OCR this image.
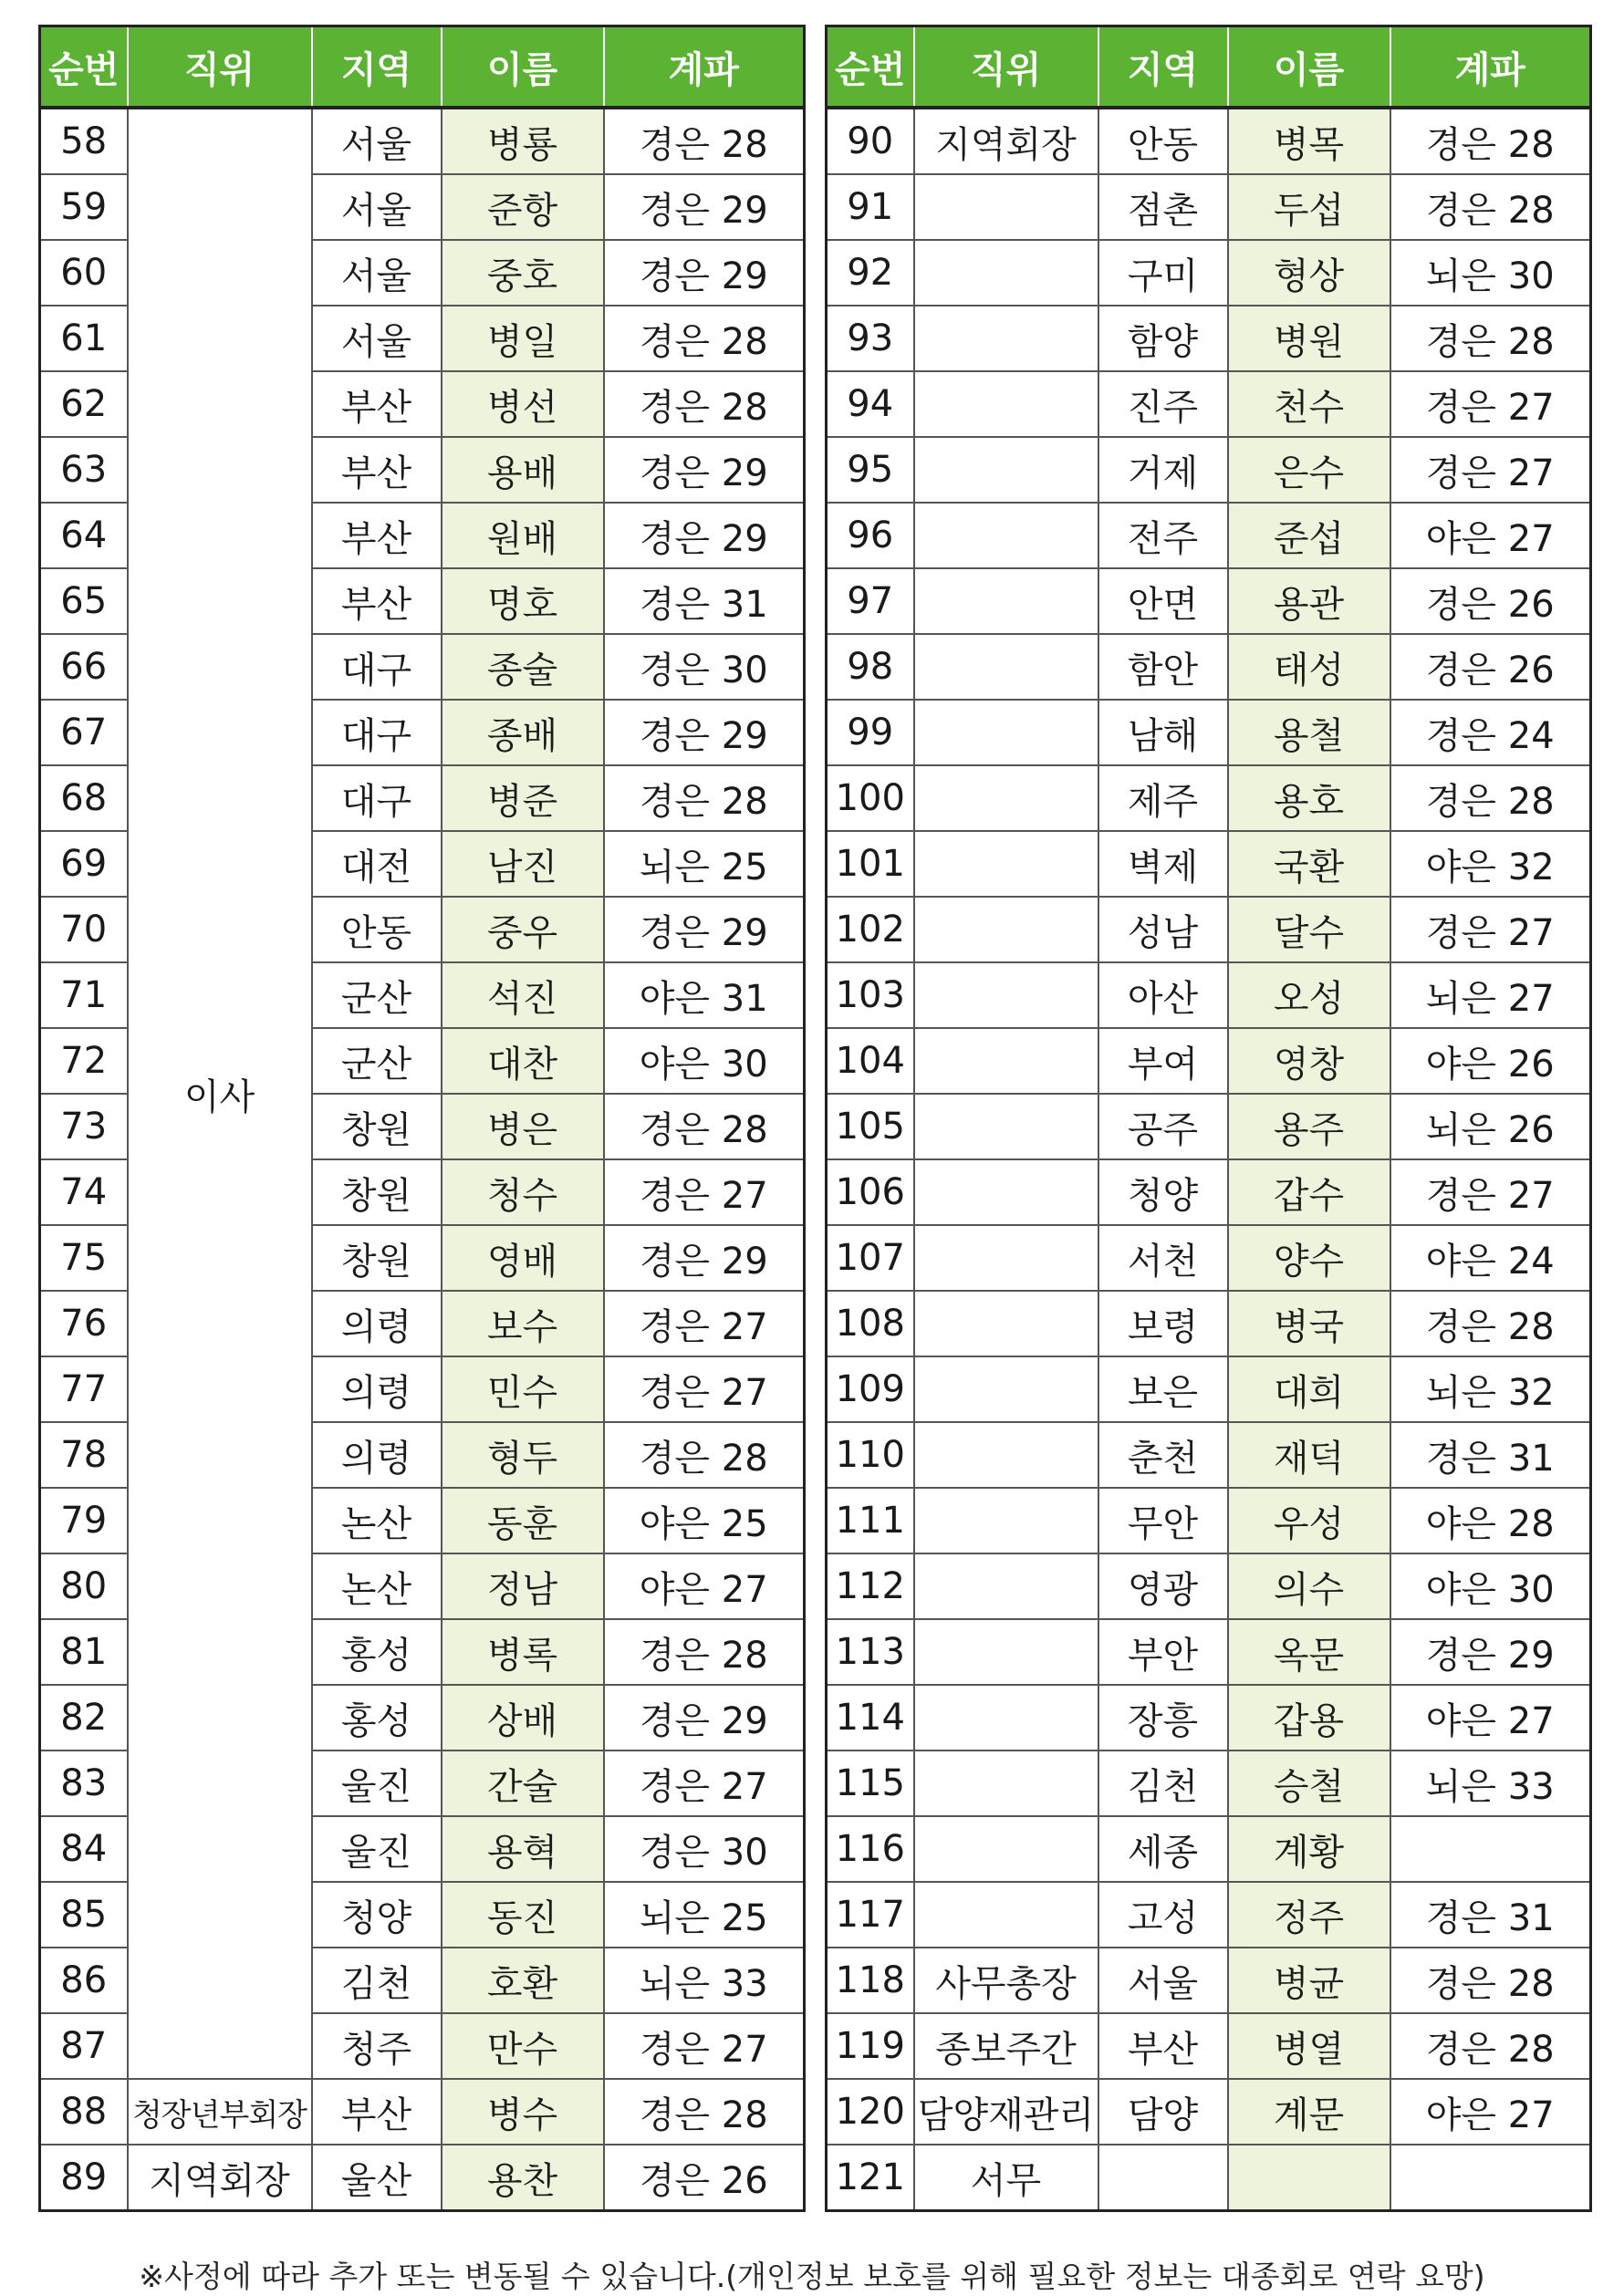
순번	직위	지역	이름	계파
58	이사	서울	병룡	경은 28
59		서울	준항	경은 29
60		서울	중호	경은 29
61		서울	병일	경은 28
62		부산	병선	경은 28
63		부산	용배	경은 29
64		부산	원배	경은 29
65		부산	명호	경은 31
66		대구	종술	경은 30
67		대구	종배	경은 29
68		대구	병준	경은 28
69		대전	남진	뇌은 25
70		안동	중우	경은 29
71		군산	석진	야은 31
72		군산	대찬	야은 30
73		창원	병은	경은 28
74		창원	청수	경은 27
75		창원	영배	경은 29
76		의령	보수	경은 27
77		의령	민수	경은 27
78		의령	형두	경은 28
79		논산	동훈	야은 25
80		논산	정남	야은 27
81		홍성	병록	경은 28
82		홍성	상배	경은 29
83		울진	간술	경은 27
84		울진	용혁	경은 30
85		청양	동진	뇌은 25
86		김천	호환	뇌은 33
87		청주	만수	경은 27
88	청장년부회장	부산	병수	경은 28
89	지역회장	울산	용찬	경은 26
순번	직위	지역	이름	계파
90	지역회장	안동	병목	경은 28
91		점촌	두섭	경은 28
92		구미	형상	뇌은 30
93		함양	병원	경은 28
94		진주	천수	경은 27
95		거제	은수	경은 27
96		전주	준섭	야은 27
97		안면	용관	경은 26
98		함안	태성	경은 26
99		남해	용철	경은 24
100		제주	용호	경은 28
101		벽제	국환	야은 32
102		성남	달수	경은 27
103		아산	오성	뇌은 27
104		부여	영창	야은 26
105		공주	용주	뇌은 26
106		청양	갑수	경은 27
107		서천	양수	야은 24
108		보령	병국	경은 28
109		보은	대희	뇌은 32
110		춘천	재덕	경은 31
111		무안	우성	야은 28
112		영광	의수	야은 30
113		부안	옥문	경은 29
114		장흥	갑용	야은 27
115		김천	승철	뇌은 33
116		세종	계황	
117		고성	정주	경은 31
118	사무총장	서울	병균	경은 28
119	종보주간	부산	병열	경은 28
120	담양재관리	담양	계문	야은 27
121	서무			
※사정에 따라 추가 또는 변동될 수 있습니다.(개인정보 보호를 위해 필요한 정보는 대종회로 연락 요망)
